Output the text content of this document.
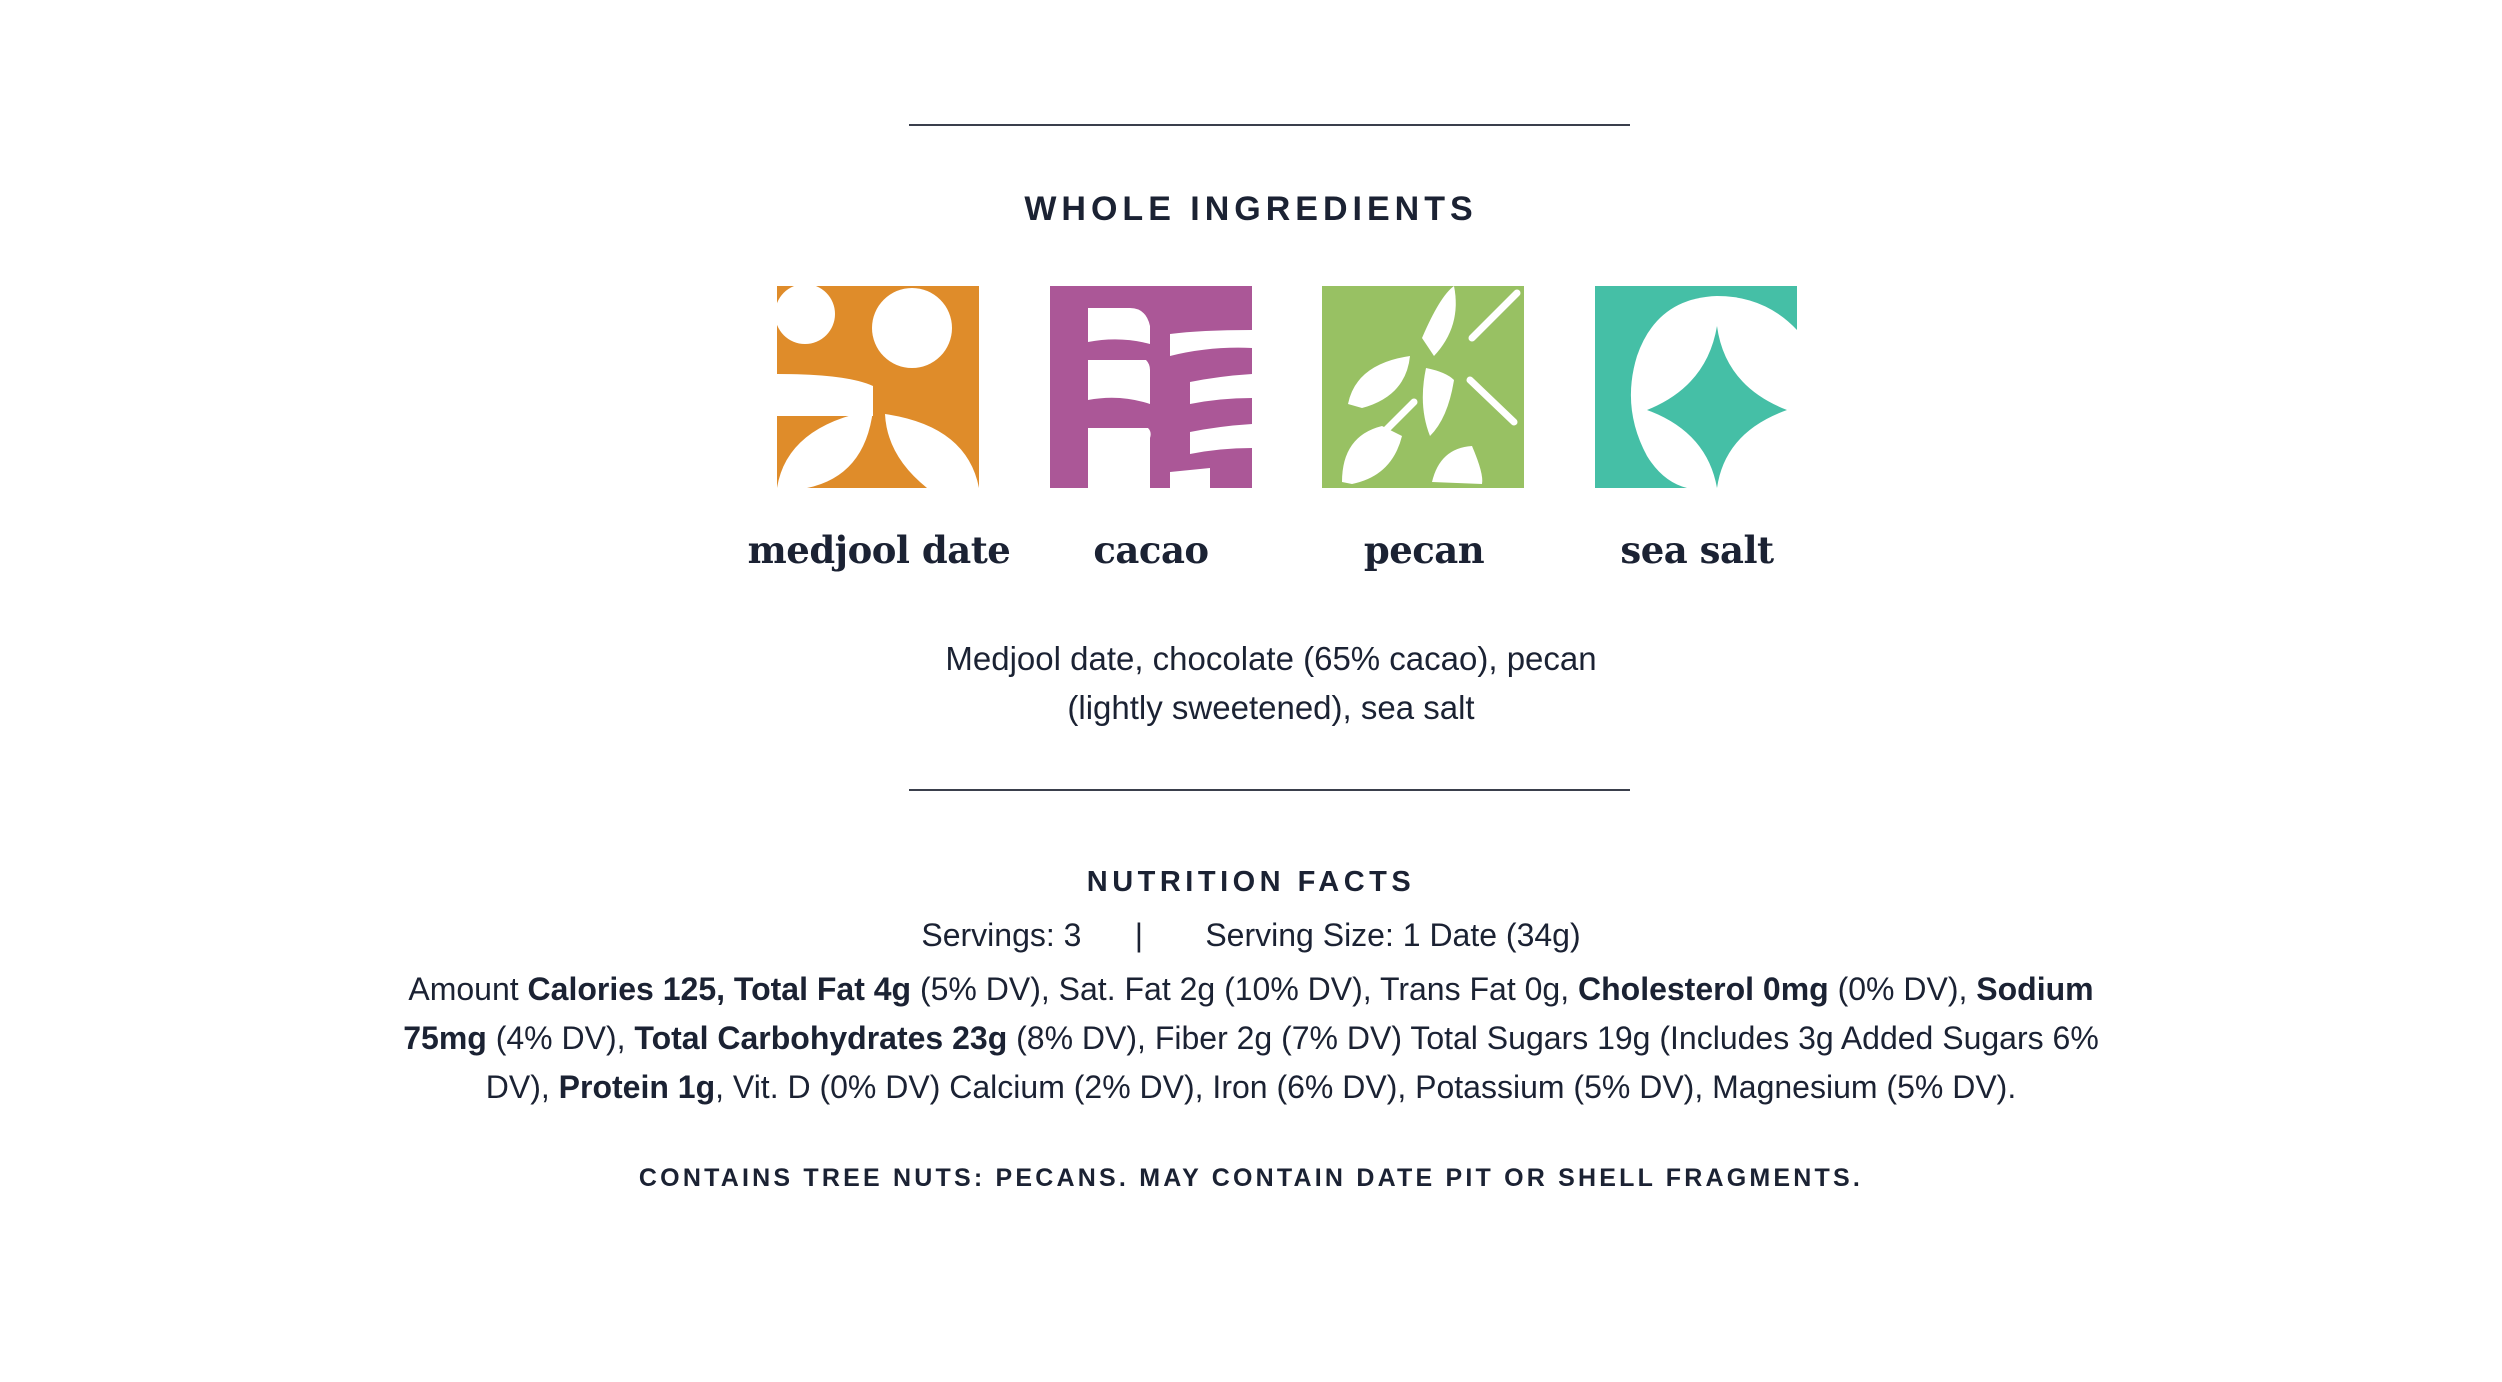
WHOLE INGREDIENTS
medjool date	cacao	pecan	sea salt
Medjool date, chocolate (65% cacao), pecan
(lightly sweetened), sea salt
NUTRITION FACTS
Servings: 3 | Serving Size: 1 Date (34g)
Amount Calories 125, Total Fat 4g (5% DV), Sat. Fat 2g (10% DV), Trans Fat 0g, Cholesterol 0mg (0% DV), Sodium 75mg (4% DV), Total Carbohydrates 23g (8% DV), Fiber 2g (7% DV) Total Sugars 19g (Includes 3g Added Sugars 6% DV), Protein 1g, Vit. D (0% DV) Calcium (2% DV), Iron (6% DV), Potassium (5% DV), Magnesium (5% DV).
CONTAINS TREE NUTS: PECANS. MAY CONTAIN DATE PIT OR SHELL FRAGMENTS.
